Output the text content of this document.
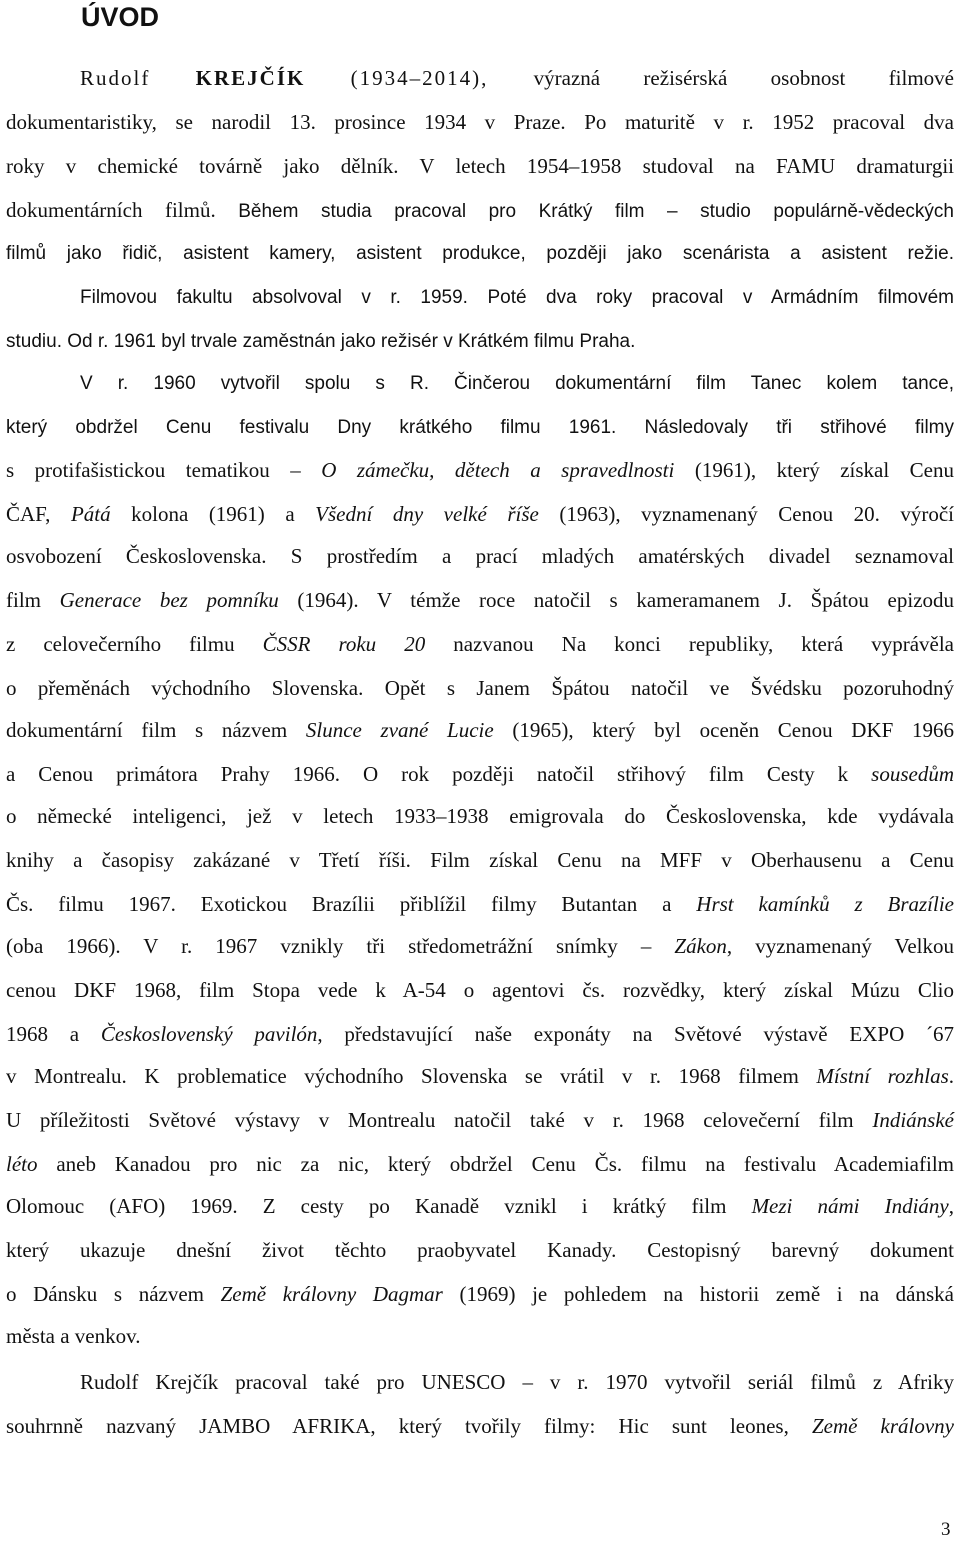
ÚVOD

Rudolf KREJČÍK (1934–2014), výrazná režisérská osobnost filmové

dokumentaristiky, se narodil 13. prosince 1934 v Praze. Po maturitě v r. 1952 pracoval dva

roky v chemické továrně jako dělník. V letech 1954–1958 studoval na FAMU dramaturgii

dokumentárních filmů. Během studia pracoval pro Krátký film – studio populárně-vědeckých

filmů jako řidič, asistent kamery, asistent produkce, později jako scenárista a asistent režie.

Filmovou fakultu absolvoval v r. 1959. Poté dva roky pracoval v Armádním filmovém

studiu. Od r. 1961 byl trvale zaměstnán jako režisér v Krátkém filmu Praha.

V r. 1960 vytvořil spolu s R. Činčerou dokumentární film Tanec kolem tance,

který obdržel Cenu festivalu Dny krátkého filmu 1961. Následovaly tři střihové filmy

s protifašistickou tematikou – O zámečku, dětech a spravedlnosti (1961), který získal Cenu

ČAF, Pátá kolona (1961) a Všední dny velké říše (1963), vyznamenaný Cenou 20. výročí

osvobození Československa. S prostředím a prací mladých amatérských divadel seznamoval

film Generace bez pomníku (1964). V témže roce natočil s kameramanem J. Špátou epizodu

z celovečerního filmu ČSSR roku 20 nazvanou Na konci republiky, která vyprávěla

o přeměnách východního Slovenska. Opět s Janem Špátou natočil ve Švédsku pozoruhodný

dokumentární film s názvem Slunce zvané Lucie (1965), který byl oceněn Cenou DKF 1966

a Cenou primátora Prahy 1966. O rok později natočil střihový film Cesty k sousedům

o německé inteligenci, jež v letech 1933–1938 emigrovala do Československa, kde vydávala

knihy a časopisy zakázané v Třetí říši. Film získal Cenu na MFF v Oberhausenu a Cenu

Čs. filmu 1967. Exotickou Brazílii přiblížil filmy Butantan a Hrst kamínků z Brazílie

(oba 1966). V r. 1967 vznikly tři středometrážní snímky – Zákon, vyznamenaný Velkou

cenou DKF 1968, film Stopa vede k A-54 o agentovi čs. rozvědky, který získal Múzu Clio

1968 a Československý pavilón, představující naše exponáty na Světové výstavě EXPO ´67

v Montrealu. K problematice východního Slovenska se vrátil v r. 1968 filmem Místní rozhlas.

U příležitosti Světové výstavy v Montrealu natočil také v r. 1968 celovečerní film Indiánské

léto aneb Kanadou pro nic za nic, který obdržel Cenu Čs. filmu na festivalu Academiafilm

Olomouc (AFO) 1969. Z cesty po Kanadě vznikl i krátký film Mezi námi Indiány,

který ukazuje dnešní život těchto praobyvatel Kanady. Cestopisný barevný dokument

o Dánsku s názvem Země královny Dagmar (1969) je pohledem na historii země i na dánská

města a venkov.

Rudolf Krejčík pracoval také pro UNESCO – v r. 1970 vytvořil seriál filmů z Afriky

souhrnně nazvaný JAMBO AFRIKA, který tvořily filmy: Hic sunt leones, Země královny

3
